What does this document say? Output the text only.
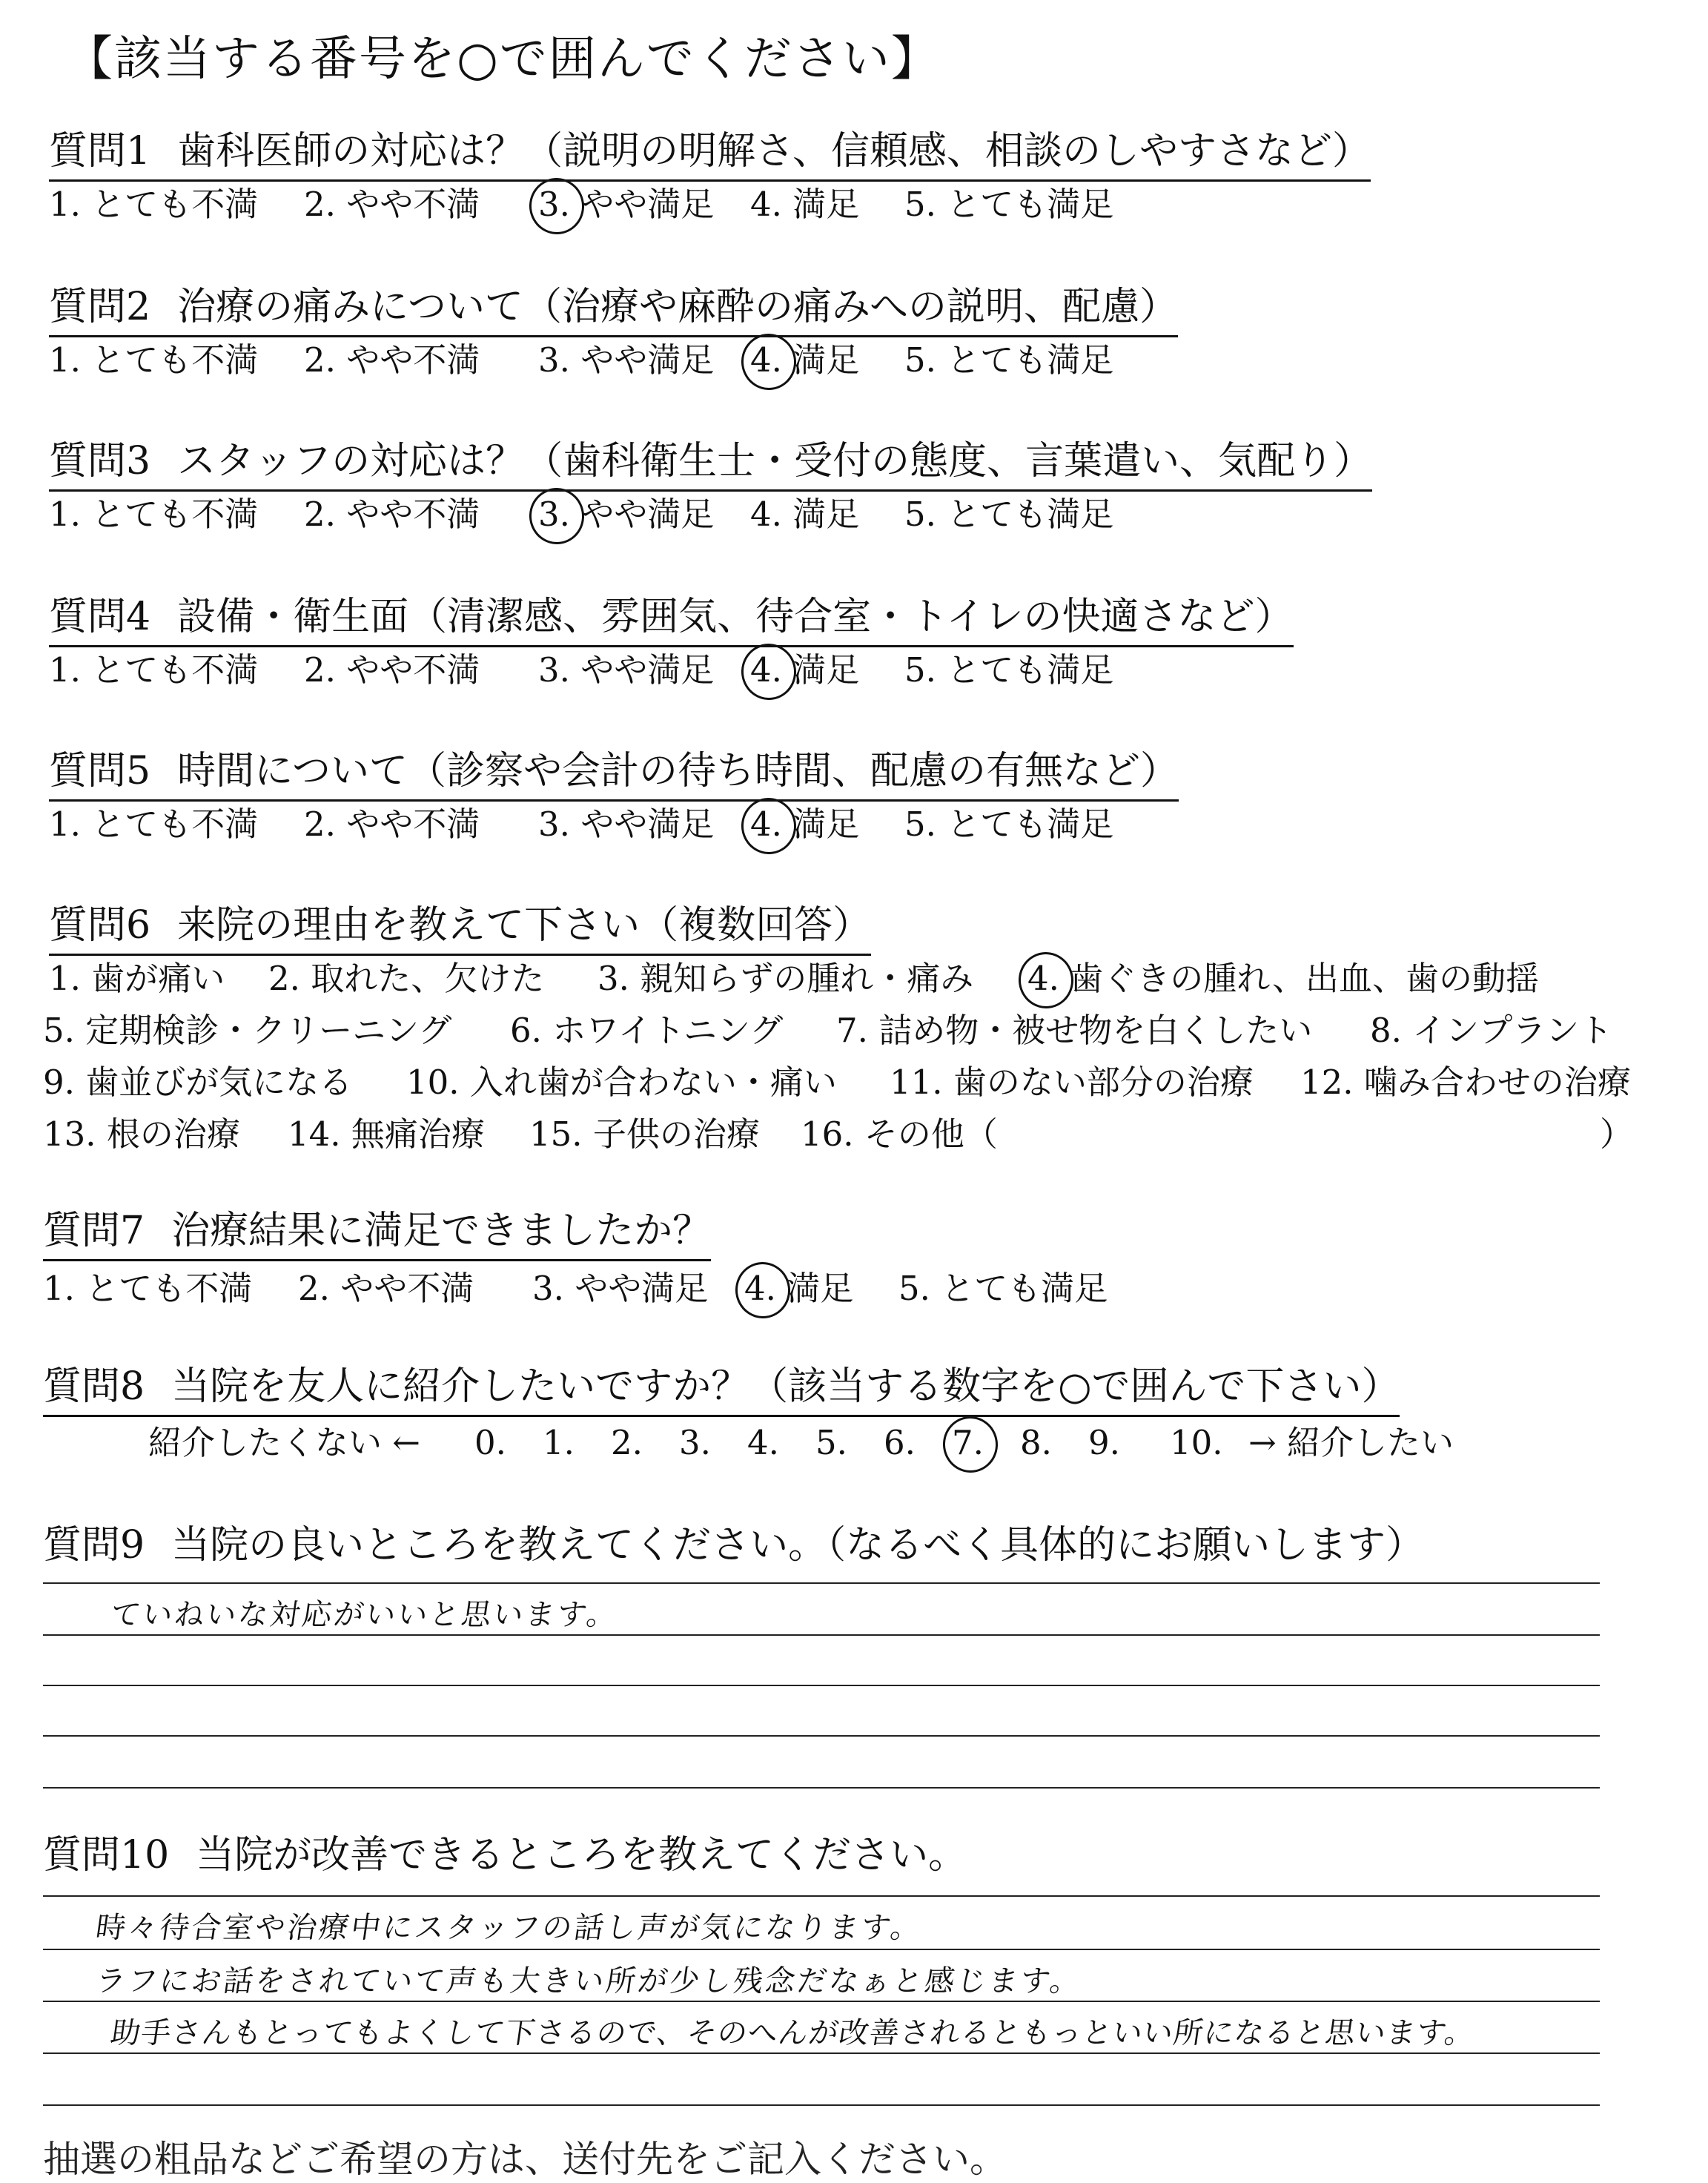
【該当する番号を○で囲んでください】
質問1 歯科医師の対応は？（説明の明解さ、信頼感、相談のしやすさなど）
1. とても不満 2. やや不満 3. やや満足 4. 満足 5. とても満足
質問2 治療の痛みについて（治療や麻酔の痛みへの説明、配慮）
1. とても不満 2. やや不満 3. やや満足 4. 満足 5. とても満足
質問3 スタッフの対応は？（歯科衛生士・受付の態度、言葉遣い、気配り）
1. とても不満 2. やや不満 3. やや満足 4. 満足 5. とても満足
質問4 設備・衛生面（清潔感、雰囲気、待合室・トイレの快適さなど）
1. とても不満 2. やや不満 3. やや満足 4. 満足 5. とても満足
質問5 時間について（診察や会計の待ち時間、配慮の有無など）
1. とても不満 2. やや不満 3. やや満足 4. 満足 5. とても満足
質問6 来院の理由を教えて下さい（複数回答）
1. 歯が痛い 2. 取れた、欠けた 3. 親知らずの腫れ・痛み 4. 歯ぐきの腫れ、出血、歯の動揺
5. 定期検診・クリーニング 6. ホワイトニング 7. 詰め物・被せ物を白くしたい 8. インプラント
9. 歯並びが気になる 10. 入れ歯が合わない・痛い 11. 歯のない部分の治療 12. 噛み合わせの治療
13. 根の治療 14. 無痛治療 15. 子供の治療 16. その他（	）
質問7 治療結果に満足できましたか？
1. とても不満 2. やや不満 3. やや満足 4. 満足 5. とても満足
質問8 当院を友人に紹介したいですか？（該当する数字を○で囲んで下さい）
紹介したくない ← 0. 1. 2. 3. 4. 5. 6. 7. 8. 9. 10. → 紹介したい
質問9 当院の良いところを教えてください。（なるべく具体的にお願いします）
ていねいな対応がいいと思います。
質問10 当院が改善できるところを教えてください。
時々待合室や治療中にスタッフの話し声が気になります。
ラフにお話をされていて声も大きい所が少し残念だなぁと感じます。
助手さんもとってもよくして下さるので、そのへんが改善されるともっといい所になると思います。
抽選の粗品などご希望の方は、送付先をご記入ください。
